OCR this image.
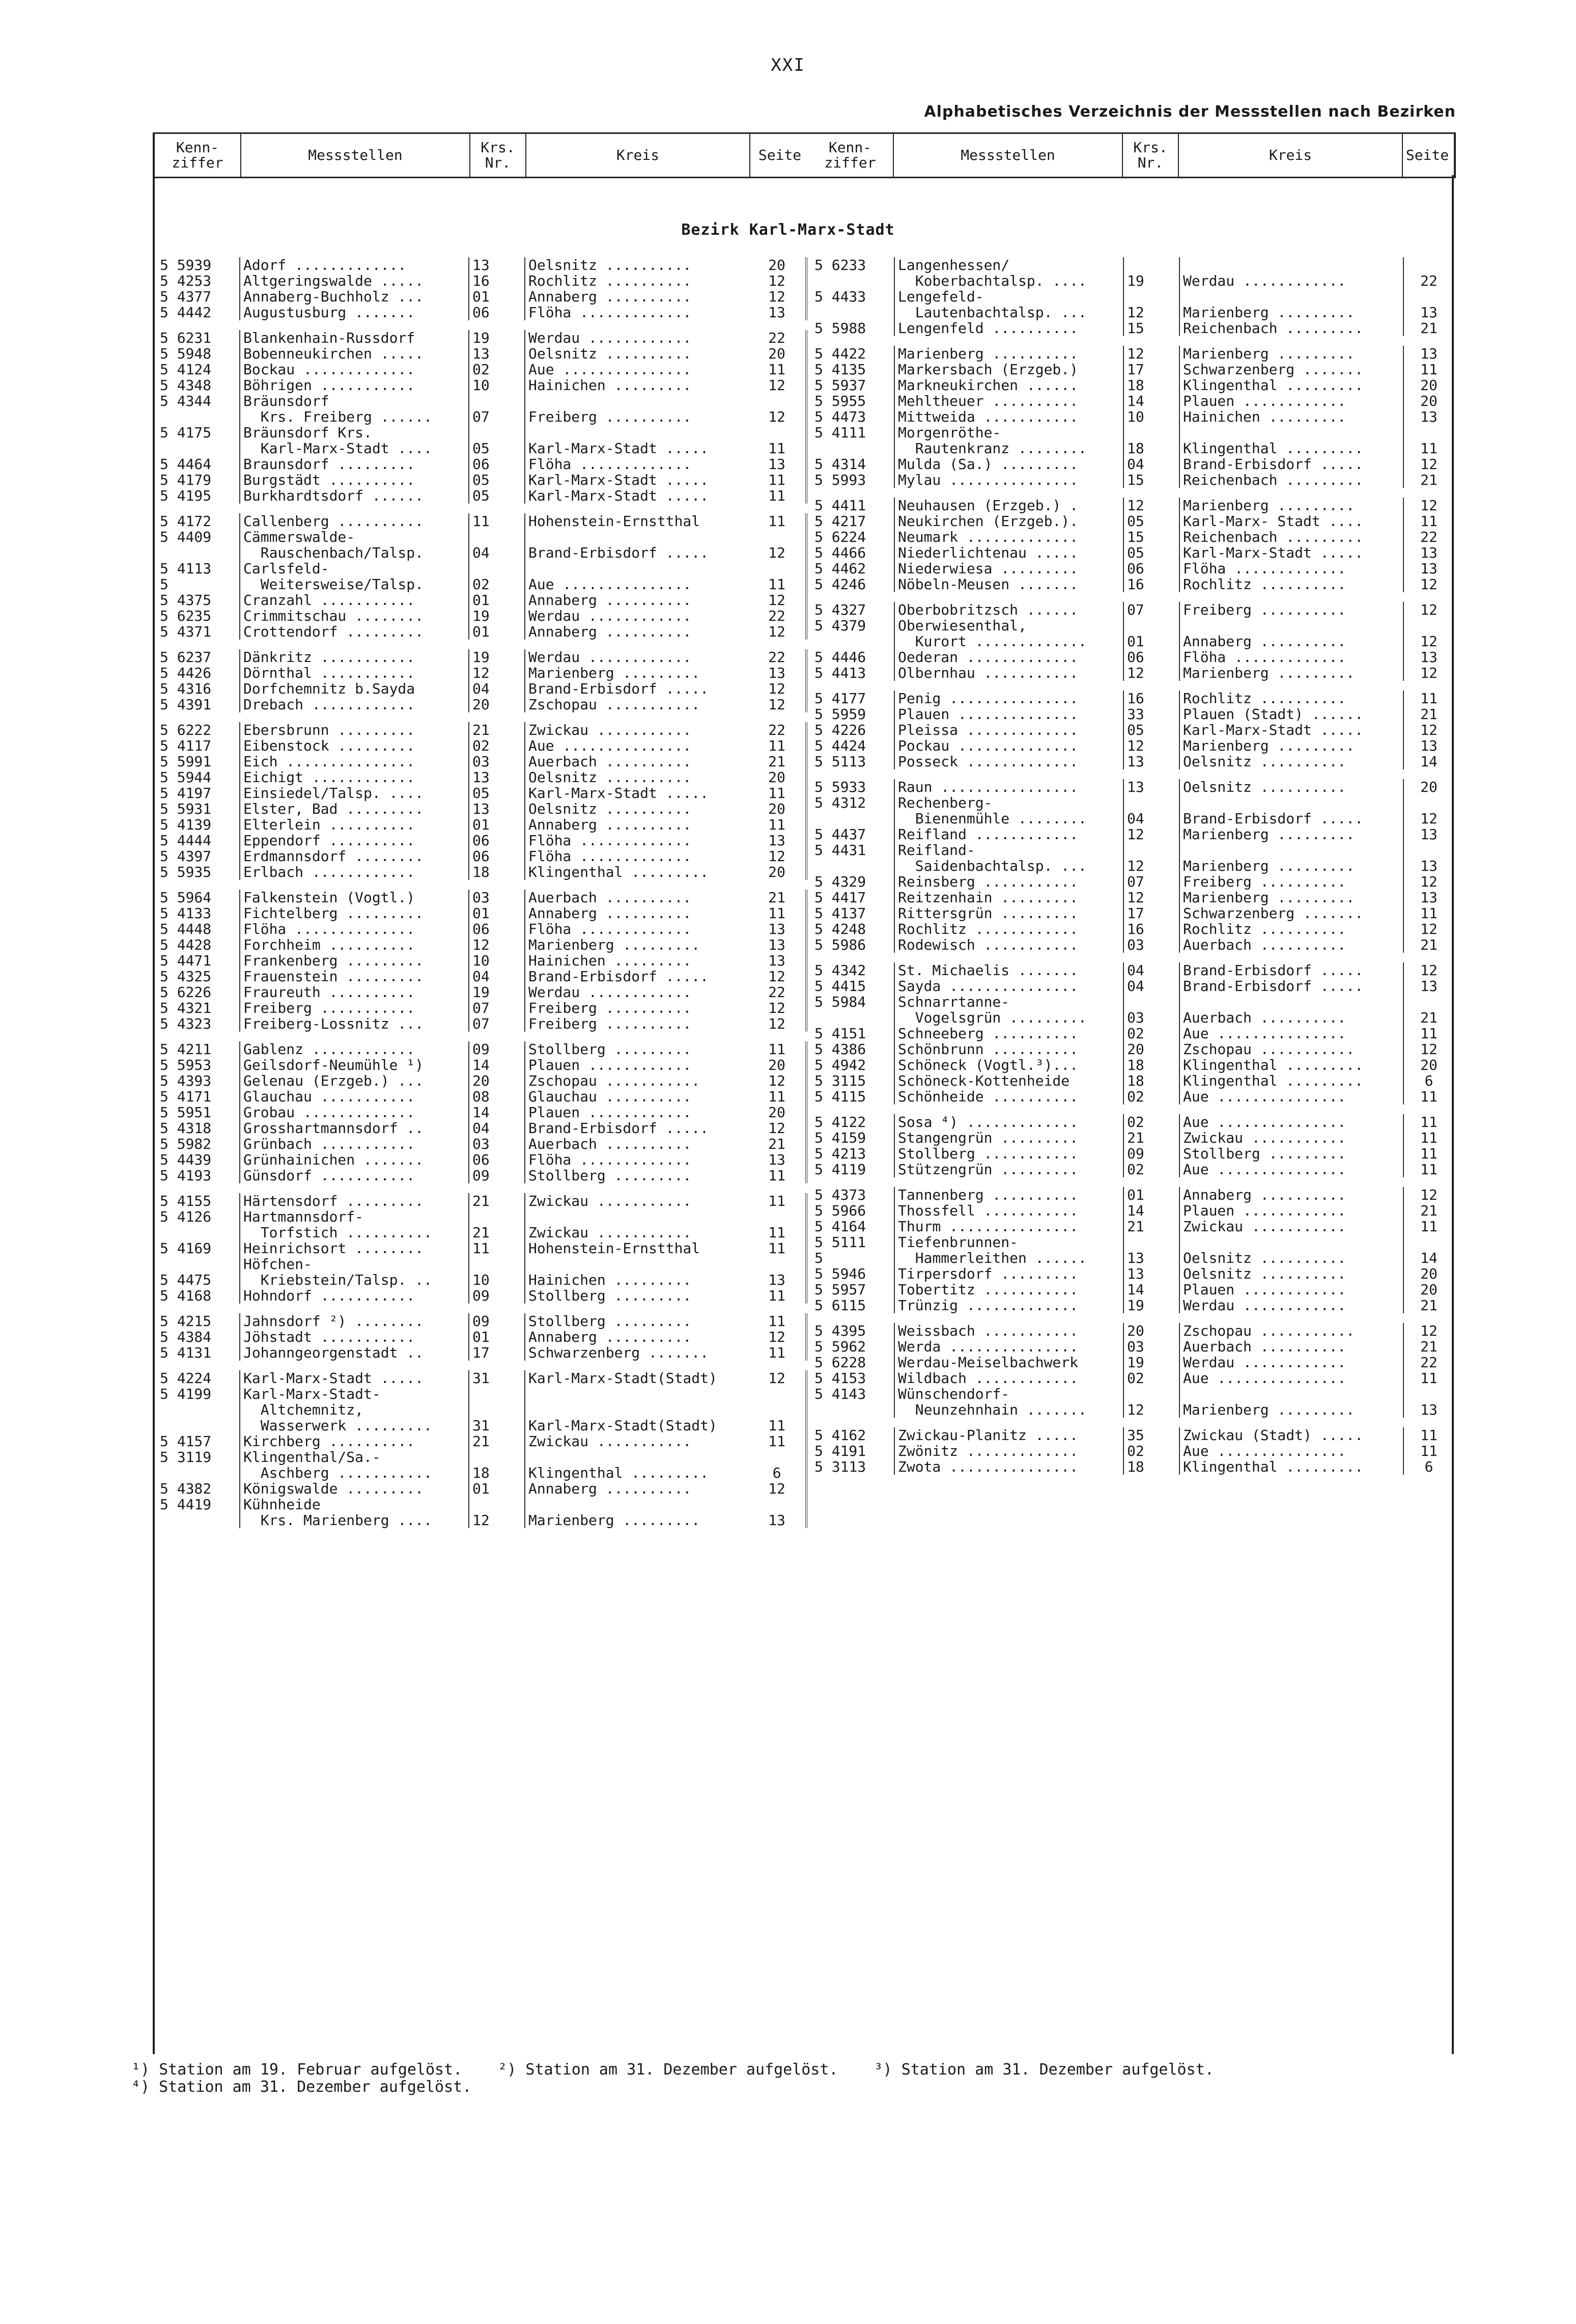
XXI
Alphabetisches Verzeichnis der Messstellen nach Bezirken
Kenn-
ziffer	Messstellen	Krs.
Nr.	Kreis	Seite	Kenn-
ziffer	Messstellen	Krs.
Nr.	Kreis	Seite
Bezirk Karl-Marx-Stadt
5 5939	Adorf .............	13	Oelsnitz ..........	20
5 4253	Altgeringswalde .....	16	Rochlitz ..........	12
5 4377	Annaberg-Buchholz ...	01	Annaberg ..........	12
5 4442	Augustusburg .......	06	Flöha .............	13
5 6231	Blankenhain-Russdorf	19	Werdau ............	22
5 5948	Bobenneukirchen .....	13	Oelsnitz ..........	20
5 4124	Bockau .............	02	Aue ...............	11
5 4348	Böhrigen ...........	10	Hainichen .........	12
5 4344	Bräunsdorf
Krs. Freiberg ......	07	Freiberg ..........	12
5 4175	Bräunsdorf Krs.
Karl-Marx-Stadt ....	05	Karl-Marx-Stadt .....	11
5 4464	Braunsdorf .........	06	Flöha .............	13
5 4179	Burgstädt ..........	05	Karl-Marx-Stadt .....	11
5 4195	Burkhardtsdorf ......	05	Karl-Marx-Stadt .....	11
5 4172	Callenberg ..........	11	Hohenstein-Ernstthal	11
5 4409	Cämmerswalde-
Rauschenbach/Talsp.	04	Brand-Erbisdorf .....	12
5 4113	Carlsfeld-
5	Weitersweise/Talsp.	02	Aue ...............	11
5 4375	Cranzahl ...........	01	Annaberg ..........	12
5 6235	Crimmitschau ........	19	Werdau ............	22
5 4371	Crottendorf .........	01	Annaberg ..........	12
5 6237	Dänkritz ...........	19	Werdau ............	22
5 4426	Dörnthal ...........	12	Marienberg .........	13
5 4316	Dorfchemnitz b.Sayda	04	Brand-Erbisdorf .....	12
5 4391	Drebach ............	20	Zschopau ...........	12
5 6222	Ebersbrunn .........	21	Zwickau ...........	22
5 4117	Eibenstock .........	02	Aue ...............	11
5 5991	Eich ...............	03	Auerbach ..........	21
5 5944	Eichigt ............	13	Oelsnitz ..........	20
5 4197	Einsiedel/Talsp. ....	05	Karl-Marx-Stadt .....	11
5 5931	Elster, Bad .........	13	Oelsnitz ..........	20
5 4139	Elterlein ..........	01	Annaberg ..........	11
5 4444	Eppendorf ..........	06	Flöha .............	13
5 4397	Erdmannsdorf ........	06	Flöha .............	12
5 5935	Erlbach ............	18	Klingenthal .........	20
5 5964	Falkenstein (Vogtl.)	03	Auerbach ..........	21
5 4133	Fichtelberg .........	01	Annaberg ..........	11
5 4448	Flöha ..............	06	Flöha .............	13
5 4428	Forchheim ..........	12	Marienberg .........	13
5 4471	Frankenberg .........	10	Hainichen .........	13
5 4325	Frauenstein .........	04	Brand-Erbisdorf .....	12
5 6226	Fraureuth ..........	19	Werdau ............	22
5 4321	Freiberg ...........	07	Freiberg ..........	12
5 4323	Freiberg-Lossnitz ...	07	Freiberg ..........	12
5 4211	Gablenz ............	09	Stollberg .........	11
5 5953	Geilsdorf-Neumühle ¹)	14	Plauen ............	20
5 4393	Gelenau (Erzgeb.) ...	20	Zschopau ...........	12
5 4171	Glauchau ...........	08	Glauchau ..........	11
5 5951	Grobau .............	14	Plauen ............	20
5 4318	Grosshartmannsdorf ..	04	Brand-Erbisdorf .....	12
5 5982	Grünbach ...........	03	Auerbach ..........	21
5 4439	Grünhainichen .......	06	Flöha .............	13
5 4193	Günsdorf ...........	09	Stollberg .........	11
5 4155	Härtensdorf .........	21	Zwickau ...........	11
5 4126	Hartmannsdorf-
Torfstich ..........	21	Zwickau ...........	11
5 4169	Heinrichsort ........	11	Hohenstein-Ernstthal	11
Höfchen-
5 4475	Kriebstein/Talsp. ..	10	Hainichen .........	13
5 4168	Hohndorf ...........	09	Stollberg .........	11
5 4215	Jahnsdorf ²) ........	09	Stollberg .........	11
5 4384	Jöhstadt ...........	01	Annaberg ..........	12
5 4131	Johanngeorgenstadt ..	17	Schwarzenberg .......	11
5 4224	Karl-Marx-Stadt .....	31	Karl-Marx-Stadt(Stadt)	12
5 4199	Karl-Marx-Stadt-
Altchemnitz,
Wasserwerk .........	31	Karl-Marx-Stadt(Stadt)	11
5 4157	Kirchberg ..........	21	Zwickau ...........	11
5 3119	Klingenthal/Sa.-
Aschberg ...........	18	Klingenthal .........	6
5 4382	Königswalde .........	01	Annaberg ..........	12
5 4419	Kühnheide
Krs. Marienberg ....	12	Marienberg .........	13
5 6233	Langenhessen/
Koberbachtalsp. ....	19	Werdau ............	22
5 4433	Lengefeld-
Lautenbachtalsp. ...	12	Marienberg .........	13
5 5988	Lengenfeld ..........	15	Reichenbach .........	21
5 4422	Marienberg ..........	12	Marienberg .........	13
5 4135	Markersbach (Erzgeb.)	17	Schwarzenberg .......	11
5 5937	Markneukirchen ......	18	Klingenthal .........	20
5 5955	Mehltheuer ..........	14	Plauen ............	20
5 4473	Mittweida ...........	10	Hainichen .........	13
5 4111	Morgenröthe-
Rautenkranz ........	18	Klingenthal .........	11
5 4314	Mulda (Sa.) .........	04	Brand-Erbisdorf .....	12
5 5993	Mylau ...............	15	Reichenbach .........	21
5 4411	Neuhausen (Erzgeb.) .	12	Marienberg .........	12
5 4217	Neukirchen (Erzgeb.).	05	Karl-Marx- Stadt ....	11
5 6224	Neumark .............	15	Reichenbach .........	22
5 4466	Niederlichtenau .....	05	Karl-Marx-Stadt .....	13
5 4462	Niederwiesa .........	06	Flöha .............	13
5 4246	Nöbeln-Meusen .......	16	Rochlitz ..........	12
5 4327	Oberbobritzsch ......	07	Freiberg ..........	12
5 4379	Oberwiesenthal,
Kurort .............	01	Annaberg ..........	12
5 4446	Oederan .............	06	Flöha .............	13
5 4413	Olbernhau ...........	12	Marienberg .........	12
5 4177	Penig ...............	16	Rochlitz ..........	11
5 5959	Plauen ..............	33	Plauen (Stadt) ......	21
5 4226	Pleissa .............	05	Karl-Marx-Stadt .....	12
5 4424	Pockau ..............	12	Marienberg .........	13
5 5113	Posseck .............	13	Oelsnitz ..........	14
5 5933	Raun ................	13	Oelsnitz ..........	20
5 4312	Rechenberg-
Bienenmühle ........	04	Brand-Erbisdorf .....	12
5 4437	Reifland ............	12	Marienberg .........	13
5 4431	Reifland-
Saidenbachtalsp. ...	12	Marienberg .........	13
5 4329	Reinsberg ...........	07	Freiberg ..........	12
5 4417	Reitzenhain .........	12	Marienberg .........	13
5 4137	Rittersgrün .........	17	Schwarzenberg .......	11
5 4248	Rochlitz ............	16	Rochlitz ..........	12
5 5986	Rodewisch ...........	03	Auerbach ..........	21
5 4342	St. Michaelis .......	04	Brand-Erbisdorf .....	12
5 4415	Sayda ...............	04	Brand-Erbisdorf .....	13
5 5984	Schnarrtanne-
Vogelsgrün .........	03	Auerbach ..........	21
5 4151	Schneeberg ..........	02	Aue ...............	11
5 4386	Schönbrunn ..........	20	Zschopau ...........	12
5 4942	Schöneck (Vogtl.³)...	18	Klingenthal .........	20
5 3115	Schöneck-Kottenheide	18	Klingenthal .........	6
5 4115	Schönheide ..........	02	Aue ...............	11
5 4122	Sosa ⁴) .............	02	Aue ...............	11
5 4159	Stangengrün .........	21	Zwickau ...........	11
5 4213	Stollberg ...........	09	Stollberg .........	11
5 4119	Stützengrün .........	02	Aue ...............	11
5 4373	Tannenberg ..........	01	Annaberg ..........	12
5 5966	Thossfell ...........	14	Plauen ............	21
5 4164	Thurm ...............	21	Zwickau ...........	11
5 5111	Tiefenbrunnen-
5	Hammerleithen ......	13	Oelsnitz ..........	14
5 5946	Tirpersdorf .........	13	Oelsnitz ..........	20
5 5957	Tobertitz ...........	14	Plauen ............	20
5 6115	Trünzig .............	19	Werdau ............	21
5 4395	Weissbach ...........	20	Zschopau ...........	12
5 5962	Werda ...............	03	Auerbach ..........	21
5 6228	Werdau-Meiselbachwerk	19	Werdau ............	22
5 4153	Wildbach ............	02	Aue ...............	11
5 4143	Wünschendorf-
Neunzehnhain .......	12	Marienberg .........	13
5 4162	Zwickau-Planitz .....	35	Zwickau (Stadt) .....	11
5 4191	Zwönitz .............	02	Aue ...............	11
5 3113	Zwota ...............	18	Klingenthal .........	6
¹) Station am 19. Februar aufgelöst. ²) Station am 31. Dezember aufgelöst. ³) Station am 31. Dezember aufgelöst.
⁴) Station am 31. Dezember aufgelöst.
